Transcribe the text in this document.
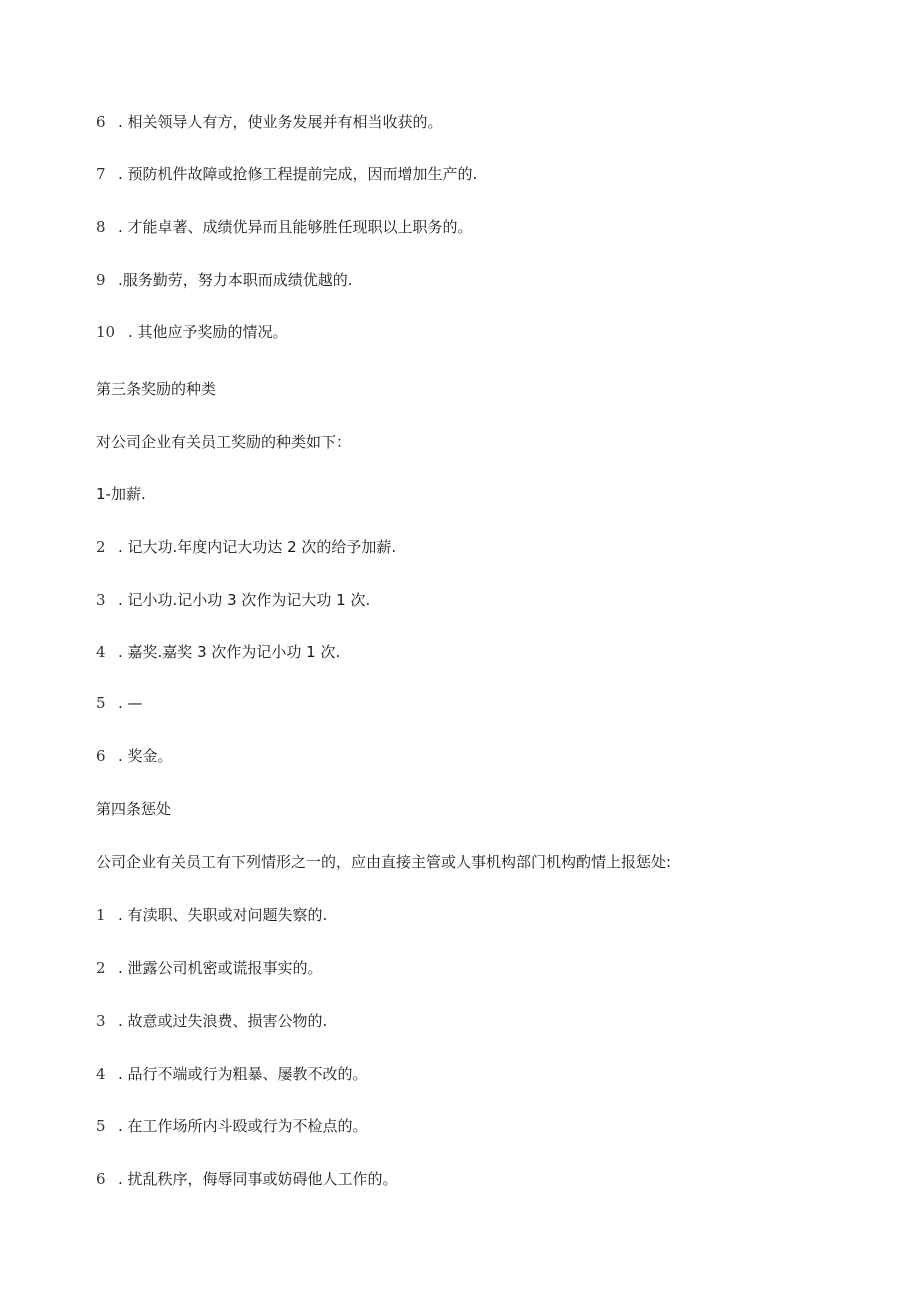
6 . 相关领导人有方，使业务发展并有相当收获的。
7 . 预防机件故障或抢修工程提前完成，因而增加生产的.
8 . 才能卓著、成绩优异而且能够胜任现职以上职务的。
9 .服务勤劳，努力本职而成绩优越的.
10 . 其他应予奖励的情况。
第三条奖励的种类
对公司企业有关员工奖励的种类如下：
1-加薪.
2 . 记大功.年度内记大功达 2 次的给予加薪.
3 . 记小功.记小功 3 次作为记大功 1 次.
4 . 嘉奖.嘉奖 3 次作为记小功 1 次.
5 . —
6 . 奖金。
第四条惩处
公司企业有关员工有下列情形之一的，应由直接主管或人事机构部门机构酌情上报惩处:
1 . 有渎职、失职或对问题失察的.
2 . 泄露公司机密或谎报事实的。
3 . 故意或过失浪费、损害公物的.
4 . 品行不端或行为粗暴、屡教不改的。
5 . 在工作场所内斗殴或行为不检点的。
6 . 扰乱秩序，侮辱同事或妨碍他人工作的。
